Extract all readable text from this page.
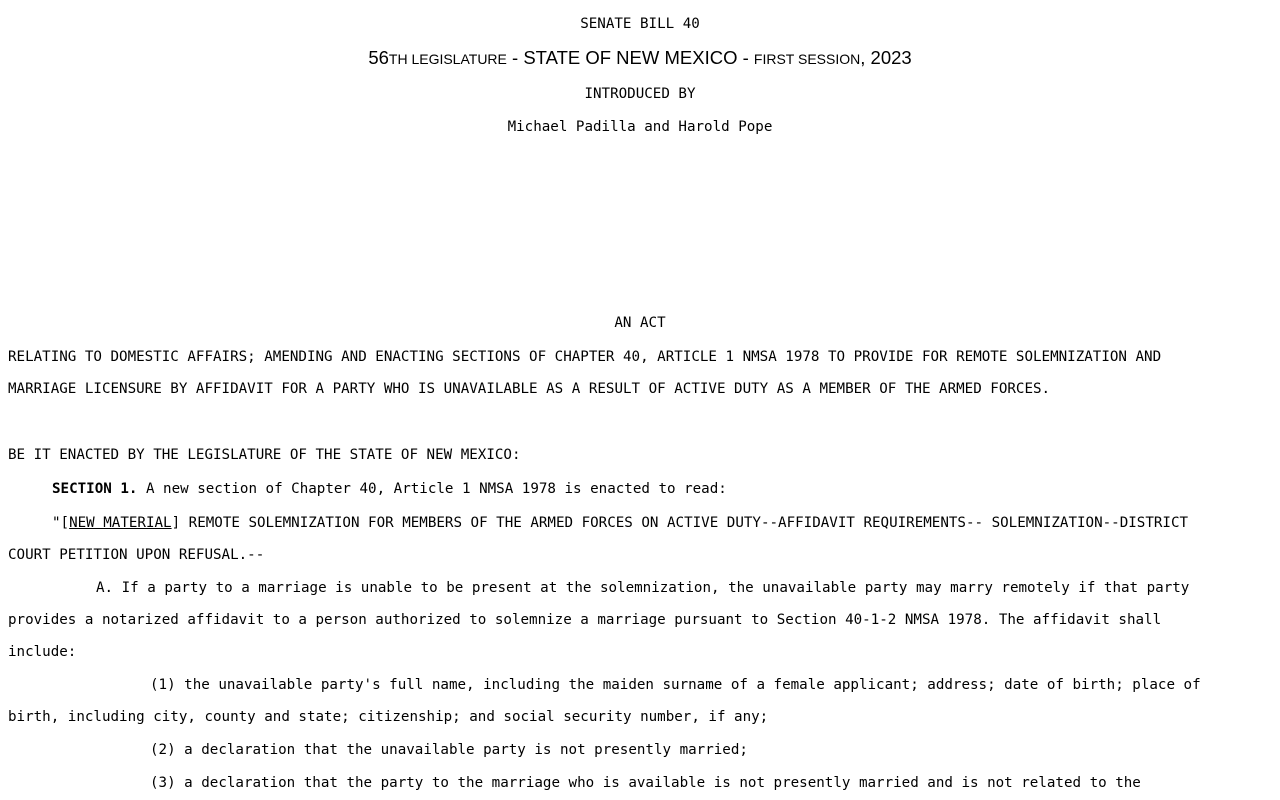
SENATE BILL 40
56TH LEGISLATURE - STATE OF NEW MEXICO - FIRST SESSION, 2023
INTRODUCED BY
Michael Padilla and Harold Pope
AN ACT
RELATING TO DOMESTIC AFFAIRS; AMENDING AND ENACTING SECTIONS OF CHAPTER 40, ARTICLE 1 NMSA 1978 TO PROVIDE FOR REMOTE SOLEMNIZATION AND
MARRIAGE LICENSURE BY AFFIDAVIT FOR A PARTY WHO IS UNAVAILABLE AS A RESULT OF ACTIVE DUTY AS A MEMBER OF THE ARMED FORCES.
BE IT ENACTED BY THE LEGISLATURE OF THE STATE OF NEW MEXICO:
SECTION 1. A new section of Chapter 40, Article 1 NMSA 1978 is enacted to read:
"[NEW MATERIAL] REMOTE SOLEMNIZATION FOR MEMBERS OF THE ARMED FORCES ON ACTIVE DUTY--AFFIDAVIT REQUIREMENTS-- SOLEMNIZATION--DISTRICT
COURT PETITION UPON REFUSAL.--
A. If a party to a marriage is unable to be present at the solemnization, the unavailable party may marry remotely if that party
provides a notarized affidavit to a person authorized to solemnize a marriage pursuant to Section 40-1-2 NMSA 1978. The affidavit shall
include:
(1) the unavailable party's full name, including the maiden surname of a female applicant; address; date of birth; place of
birth, including city, county and state; citizenship; and social security number, if any;
(2) a declaration that the unavailable party is not presently married;
(3) a declaration that the party to the marriage who is available is not presently married and is not related to the
